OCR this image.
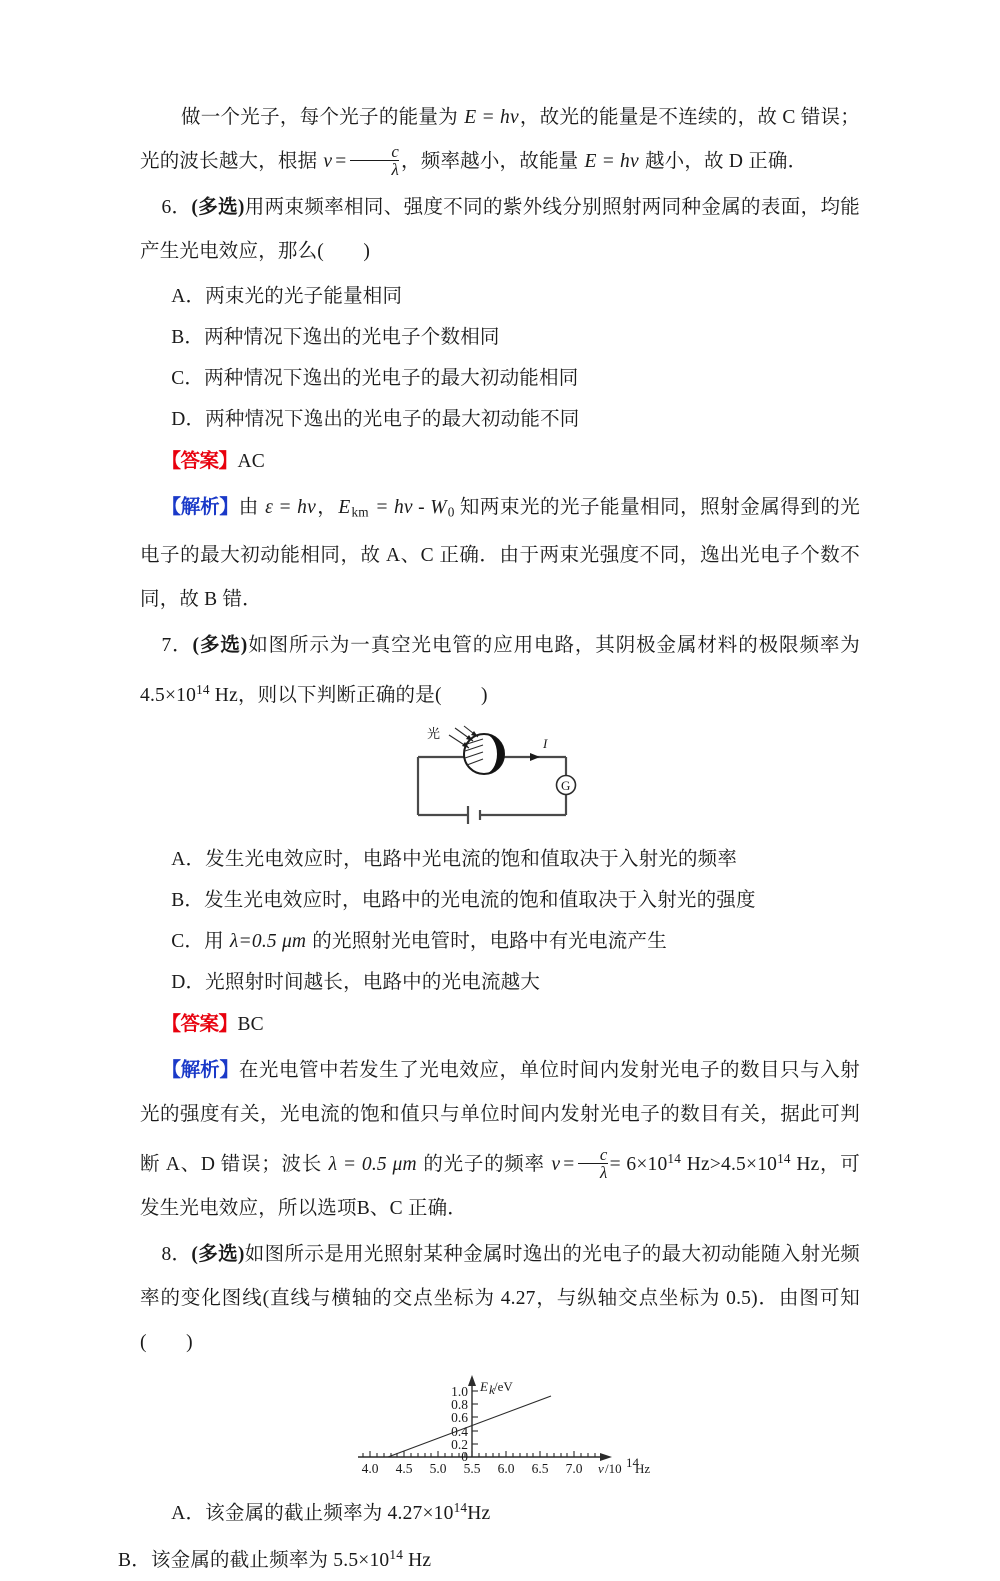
做一个光子，每个光子的能量为 E = hν，故光的能量是不连续的，故 C 错误；光的波长越大，根据 $\nu = \frac{c}{\lambda}$ ，频率越小，故能量 E = hν 越小，故 D 正确．

6．(多选)用两束频率相同、强度不同的紫外线分别照射两同种金属的表面，均能产生光电效应，那么(　　)

A．两束光的光子能量相同

B．两种情况下逸出的光电子个数相同

C．两种情况下逸出的光电子的最大初动能相同

D．两种情况下逸出的光电子的最大初动能不同

【答案】AC

【解析】由 ε = hν，$E_{km} = h\nu - W_0$ 知两束光的光子能量相同，照射金属得到的光电子的最大初动能相同，故 A、C 正确．由于两束光强度不同，逸出光电子个数不同，故 B 错．

7．(多选)如图所示为一真空光电管的应用电路，其阴极金属材料的极限频率为 $4.5\times 10^{14}$ Hz，则以下判断正确的是(　　)

光
I
G

A．发生光电效应时，电路中光电流的饱和值取决于入射光的频率

B．发生光电效应时，电路中的光电流的饱和值取决于入射光的强度

C．用 λ=0.5 μm 的光照射光电管时，电路中有光电流产生

D．光照射时间越长，电路中的光电流越大

【答案】BC

【解析】在光电管中若发生了光电效应，单位时间内发射光电子的数目只与入射光的强度有关，光电流的饱和值只与单位时间内发射光电子的数目有关，据此可判断 A、D 错误；波长 λ = 0.5 μm 的光子的频率 $\nu = \frac{c}{\lambda} = 6\times 10^{14}$ $Hz>4.5\times 10^{14}$ Hz，可发生光电效应，所以选项B、C 正确．

8．(多选)如图所示是用光照射某种金属时逸出的光电子的最大初动能随入射光频率的变化图线(直线与横轴的交点坐标为 4.27，与纵轴交点坐标为 0.5)．由图可知(　　)

1.0
0.8
0.6
0.4
0.2
0
4.0 4.5 5.0 5.5 6.0 6.5 7.0
E k /eV
ν /10 14
Hz

A．该金属的截止频率为 $4.27\times 10^{14}Hz$

B．该金属的截止频率为 $5.5\times 10^{14}$ Hz
